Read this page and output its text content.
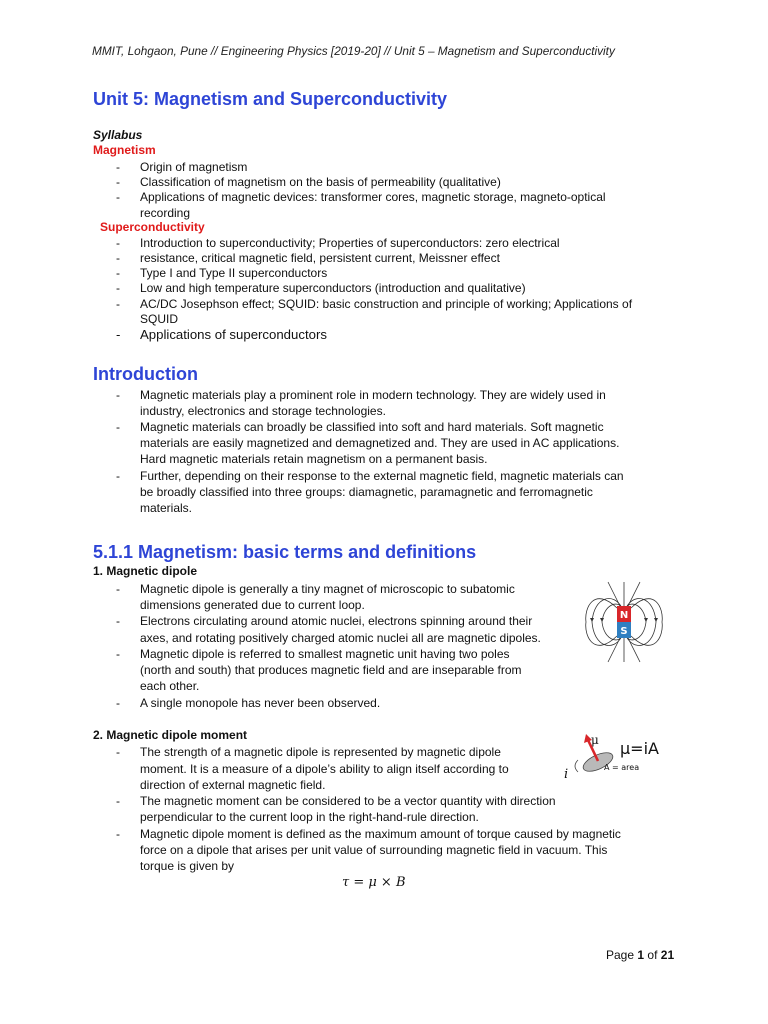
MMIT, Lohgaon, Pune // Engineering Physics [2019-20] // Unit 5 – Magnetism and Superconductivity
Unit 5: Magnetism and Superconductivity
Syllabus
Magnetism
- Origin of magnetism
- Classification of magnetism on the basis of permeability (qualitative)
- Applications of magnetic devices: transformer cores, magnetic storage, magneto-optical
recording
Superconductivity
- Introduction to superconductivity; Properties of superconductors: zero electrical
- resistance, critical magnetic field, persistent current, Meissner effect
- Type I and Type II superconductors
- Low and high temperature superconductors (introduction and qualitative)
- AC/DC Josephson effect; SQUID: basic construction and principle of working; Applications of
SQUID
- Applications of superconductors
Introduction
- Magnetic materials play a prominent role in modern technology. They are widely used in
industry, electronics and storage technologies.
- Magnetic materials can broadly be classified into soft and hard materials. Soft magnetic
materials are easily magnetized and demagnetized and. They are used in AC applications.
Hard magnetic materials retain magnetism on a permanent basis.
- Further, depending on their response to the external magnetic field, magnetic materials can
be broadly classified into three groups: diamagnetic, paramagnetic and ferromagnetic
materials.
5.1.1 Magnetism: basic terms and definitions
1. Magnetic dipole
- Magnetic dipole is generally a tiny magnet of microscopic to subatomic
dimensions generated due to current loop.
- Electrons circulating around atomic nuclei, electrons spinning around their
axes, and rotating positively charged atomic nuclei all are magnetic dipoles.
- Magnetic dipole is referred to smallest magnetic unit having two poles
(north and south) that produces magnetic field and are inseparable from
each other.
- A single monopole has never been observed.
N
S
2. Magnetic dipole moment
- The strength of a magnetic dipole is represented by magnetic dipole
moment. It is a measure of a dipole’s ability to align itself according to
direction of external magnetic field.
- The magnetic moment can be considered to be a vector quantity with direction
perpendicular to the current loop in the right-hand-rule direction.
- Magnetic dipole moment is defined as the maximum amount of torque caused by magnetic
force on a dipole that arises per unit value of surrounding magnetic field in vacuum. This
torque is given by
μ
i
μ=iA
A = area
τ = μ × B
Page 1 of 21
